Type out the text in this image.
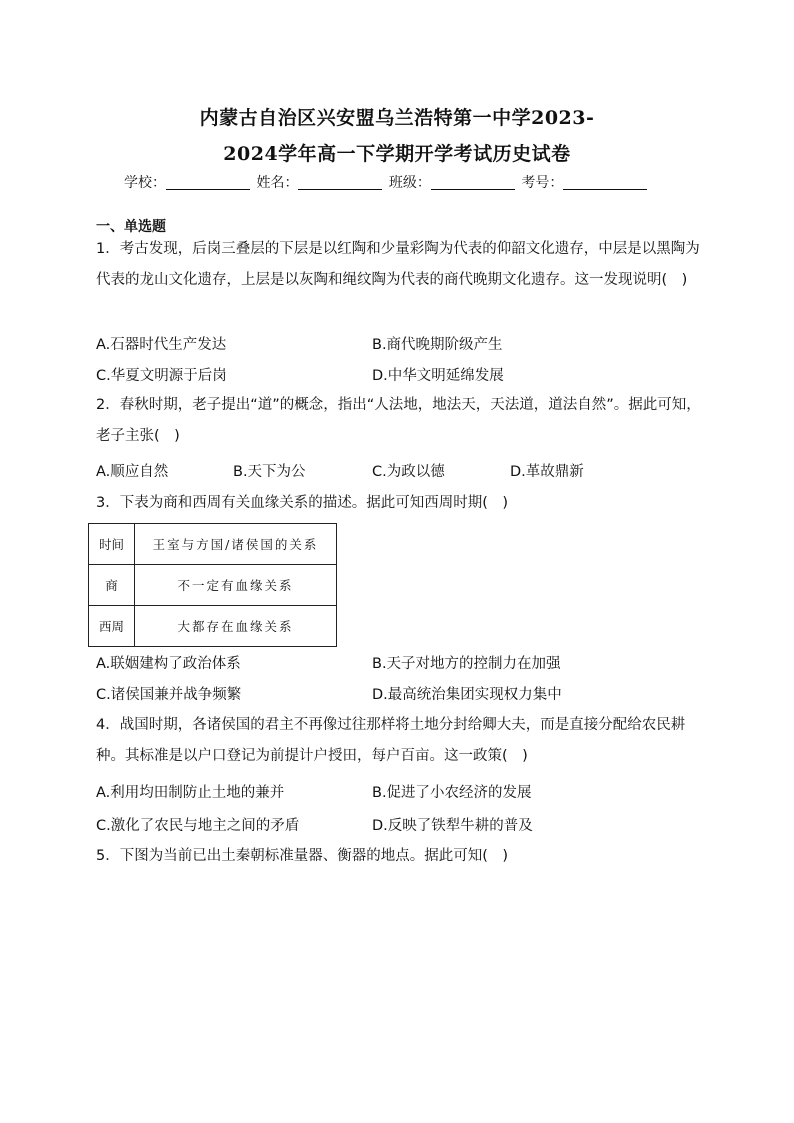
内蒙古自治区兴安盟乌兰浩特第一中学2023-
2024学年高一下学期开学考试历史试卷
学校：	姓名：	班级：	考号：
一、单选题
1．考古发现，后岗三叠层的下层是以红陶和少量彩陶为代表的仰韶文化遗存，中层是以黑陶为代表的龙山文化遗存，上层是以灰陶和绳纹陶为代表的商代晚期文化遗存。这一发现说明(　)
A.石器时代生产发达	B.商代晚期阶级产生
C.华夏文明源于后岗	D.中华文明延绵发展
2．春秋时期，老子提出“道”的概念，指出“人法地，地法天，天法道，道法自然”。据此可知，老子主张(　)
A.顺应自然	B.天下为公	C.为政以德	D.革故鼎新
3．下表为商和西周有关血缘关系的描述。据此可知西周时期(　)
时间	王室与方国/诸侯国的关系
商	不一定有血缘关系
西周	大都存在血缘关系
A.联姻建构了政治体系	B.天子对地方的控制力在加强
C.诸侯国兼并战争频繁	D.最高统治集团实现权力集中
4．战国时期，各诸侯国的君主不再像过往那样将土地分封给卿大夫，而是直接分配给农民耕种。其标准是以户口登记为前提计户授田，每户百亩。这一政策(　)
A.利用均田制防止土地的兼并	B.促进了小农经济的发展
C.激化了农民与地主之间的矛盾	D.反映了铁犁牛耕的普及
5．下图为当前已出土秦朝标准量器、衡器的地点。据此可知(　)
